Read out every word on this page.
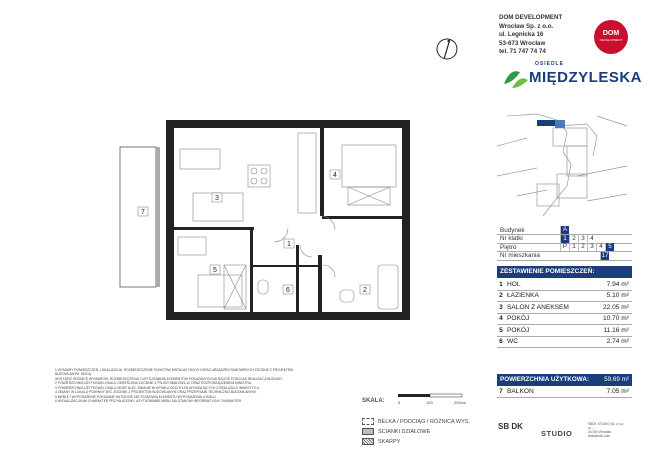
DOM DEVELOPMENT
Wrocław Sp. z o.o.
ul. Legnicka 16
53-673 Wrocław
tel. 71 747 74 74
DOM
DEVELOPMENT
OSIEDLE
MIĘDZYLESKA
Budynek	A
Nr klatki	1 2 3 4
Piętro	P 1 2 3 4 5
Nr mieszkania	17
ZESTAWIENIE POMIESZCZEŃ:
1 HOL	7.94 m²
2 ŁAZIENKA	5.10 m²
3 SALON Z ANEKSEM	22.05 m²
4 POKÓJ	10.70 m²
5 POKÓJ	11.16 m²
6 WC	2.74 m²
POWIERZCHNIA UŻYTKOWA:	59.69 m²
7 BALKON	7.05 m²
1
2
3
4
5
6
7
1 WYMIARY POMIESZCZEŃ, LOKALIZACJA, ROZMIESZCZENIE PUNKTÓW INSTALACYJNYCH ORAZ URZĄDZEŃ SANITARNYCH ZGODNE Z PROJEKTEM BUDOWLANYM. MOGĄ
WYSTĄPIĆ RÓŻNICE WYMIARÓW, ROZMIESZCZENIA I USYTUOWANIA ELEMENTÓW POKAZANYCH NA RZUCIE PODCZAS REALIZACJI BUDOWY.
2 POWIERZCHNIA UŻYTKOWA LOKALU OKREŚLONA ZGODNIE Z PN-ISO 9836:2015-12 ORAZ ROZPORZĄDZENIEM MINISTRA.
3 POWIERZCHNIA UŻYTKOWA LOKALU MOŻE ULEC ZMIANIE W WYNIKU ODCHYLEŃ WYNIKAJĄCYCH Z REALIZACJI INWESTYCJI.
4 ZMIANY W LOKALU POWINNY BYĆ ZGODNE Z PROJEKTEM BUDOWLANYM ORAZ PRZEPISAMI TECHNICZNO-BUDOWLANYMI.
5 MEBLE I WYPOSAŻENIE POKAZANE NA RZUCIE NIE STANOWIĄ ELEMENTU WYPOSAŻENIA LOKALU.
6 WIZUALIZACJA MA CHARAKTER PRZYKŁADOWY, USYTUOWANIE MEBLI MA STANOWI INFORMACYJNY CHARAKTER.	SKALA:	0	100	200cm
BELKA / PODCIĄG / RÓŻNICA WYS.
ŚCIANKI DZIAŁOWE
SKARPY
SB DK
STUDIO
SBDK STUDIO Sp. z o.o.
ul. ...
00-000 Wrocław
sbdkstudio.com
